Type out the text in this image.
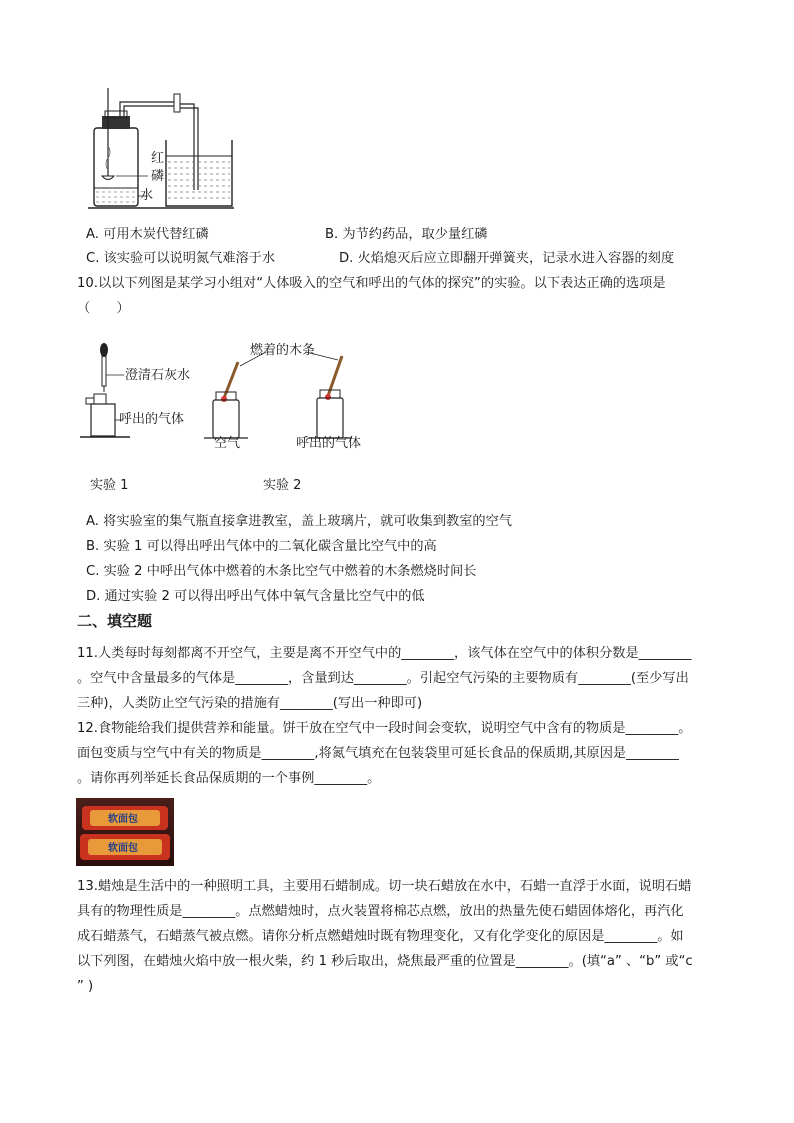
红
磷
水
A. 可用木炭代替红磷	B. 为节约药品，取少量红磷
C. 该实验可以说明氮气难溶于水	D. 火焰熄灭后应立即翻开弹簧夹，记录水进入容器的刻度
10.以以下列图是某学习小组对“人体吸入的空气和呼出的气体的探究”的实验。以下表达正确的选项是
（　　）
澄清石灰水
呼出的气体
燃着的木条
空气	呼出的气体
实验 1	实验 2
A. 将实验室的集气瓶直接拿进教室，盖上玻璃片，就可收集到教室的空气
B. 实验 1 可以得出呼出气体中的二氧化碳含量比空气中的高
C. 实验 2 中呼出气体中燃着的木条比空气中燃着的木条燃烧时间长
D. 通过实验 2 可以得出呼出气体中氧气含量比空气中的低
二、填空题
11.人类每时每刻都离不开空气，主要是离不开空气中的________，该气体在空气中的体积分数是________
。空气中含量最多的气体是________，含量到达________。引起空气污染的主要物质有________(至少写出
三种)，人类防止空气污染的措施有________(写出一种即可)
12.食物能给我们提供营养和能量。饼干放在空气中一段时间会变软，说明空气中含有的物质是________。
面包变质与空气中有关的物质是________,将氮气填充在包装袋里可延长食品的保质期,其原因是________
。请你再列举延长食品保质期的一个事例________。
软面包
软面包
13.蜡烛是生活中的一种照明工具，主要用石蜡制成。切一块石蜡放在水中，石蜡一直浮于水面，说明石蜡
具有的物理性质是________。点燃蜡烛时，点火装置将棉芯点燃，放出的热量先使石蜡固体熔化，再汽化
成石蜡蒸气，石蜡蒸气被点燃。请你分析点燃蜡烛时既有物理变化，又有化学变化的原因是________。如
以下列图，在蜡烛火焰中放一根火柴，约 1 秒后取出，烧焦最严重的位置是________。(填“a” 、“b” 或“c
” )
